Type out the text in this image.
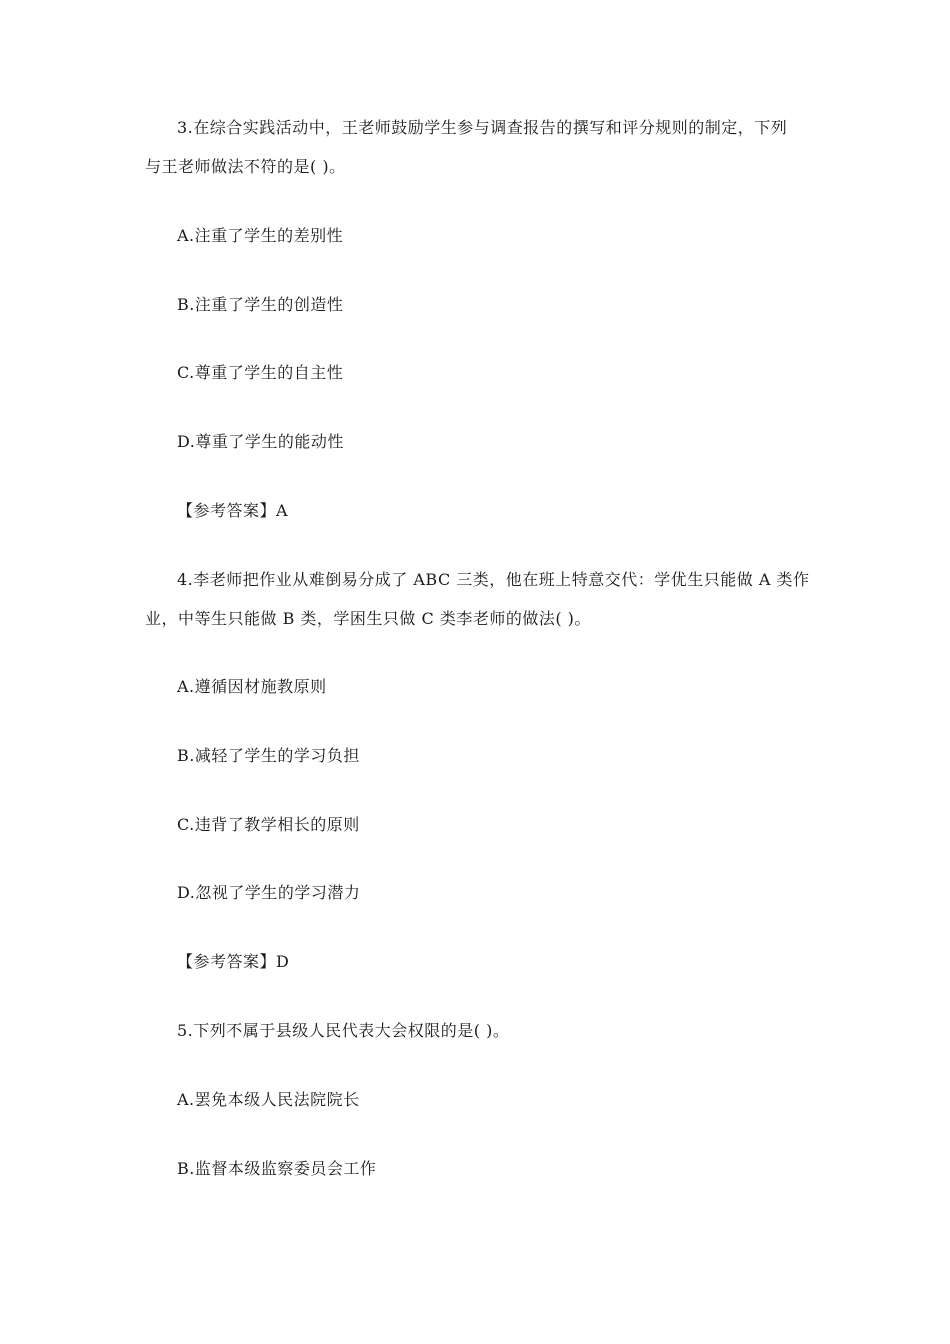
3.在综合实践活动中，王老师鼓励学生参与调查报告的撰写和评分规则的制定，下列
与王老师做法不符的是( )。
A.注重了学生的差别性
B.注重了学生的创造性
C.尊重了学生的自主性
D.尊重了学生的能动性
【参考答案】A
4.李老师把作业从难倒易分成了 ABC 三类，他在班上特意交代：学优生只能做 A 类作
业，中等生只能做 B 类，学困生只做 C 类李老师的做法( )。
A.遵循因材施教原则
B.减轻了学生的学习负担
C.违背了教学相长的原则
D.忽视了学生的学习潜力
【参考答案】D
5.下列不属于县级人民代表大会权限的是( )。
A.罢免本级人民法院院长
B.监督本级监察委员会工作
